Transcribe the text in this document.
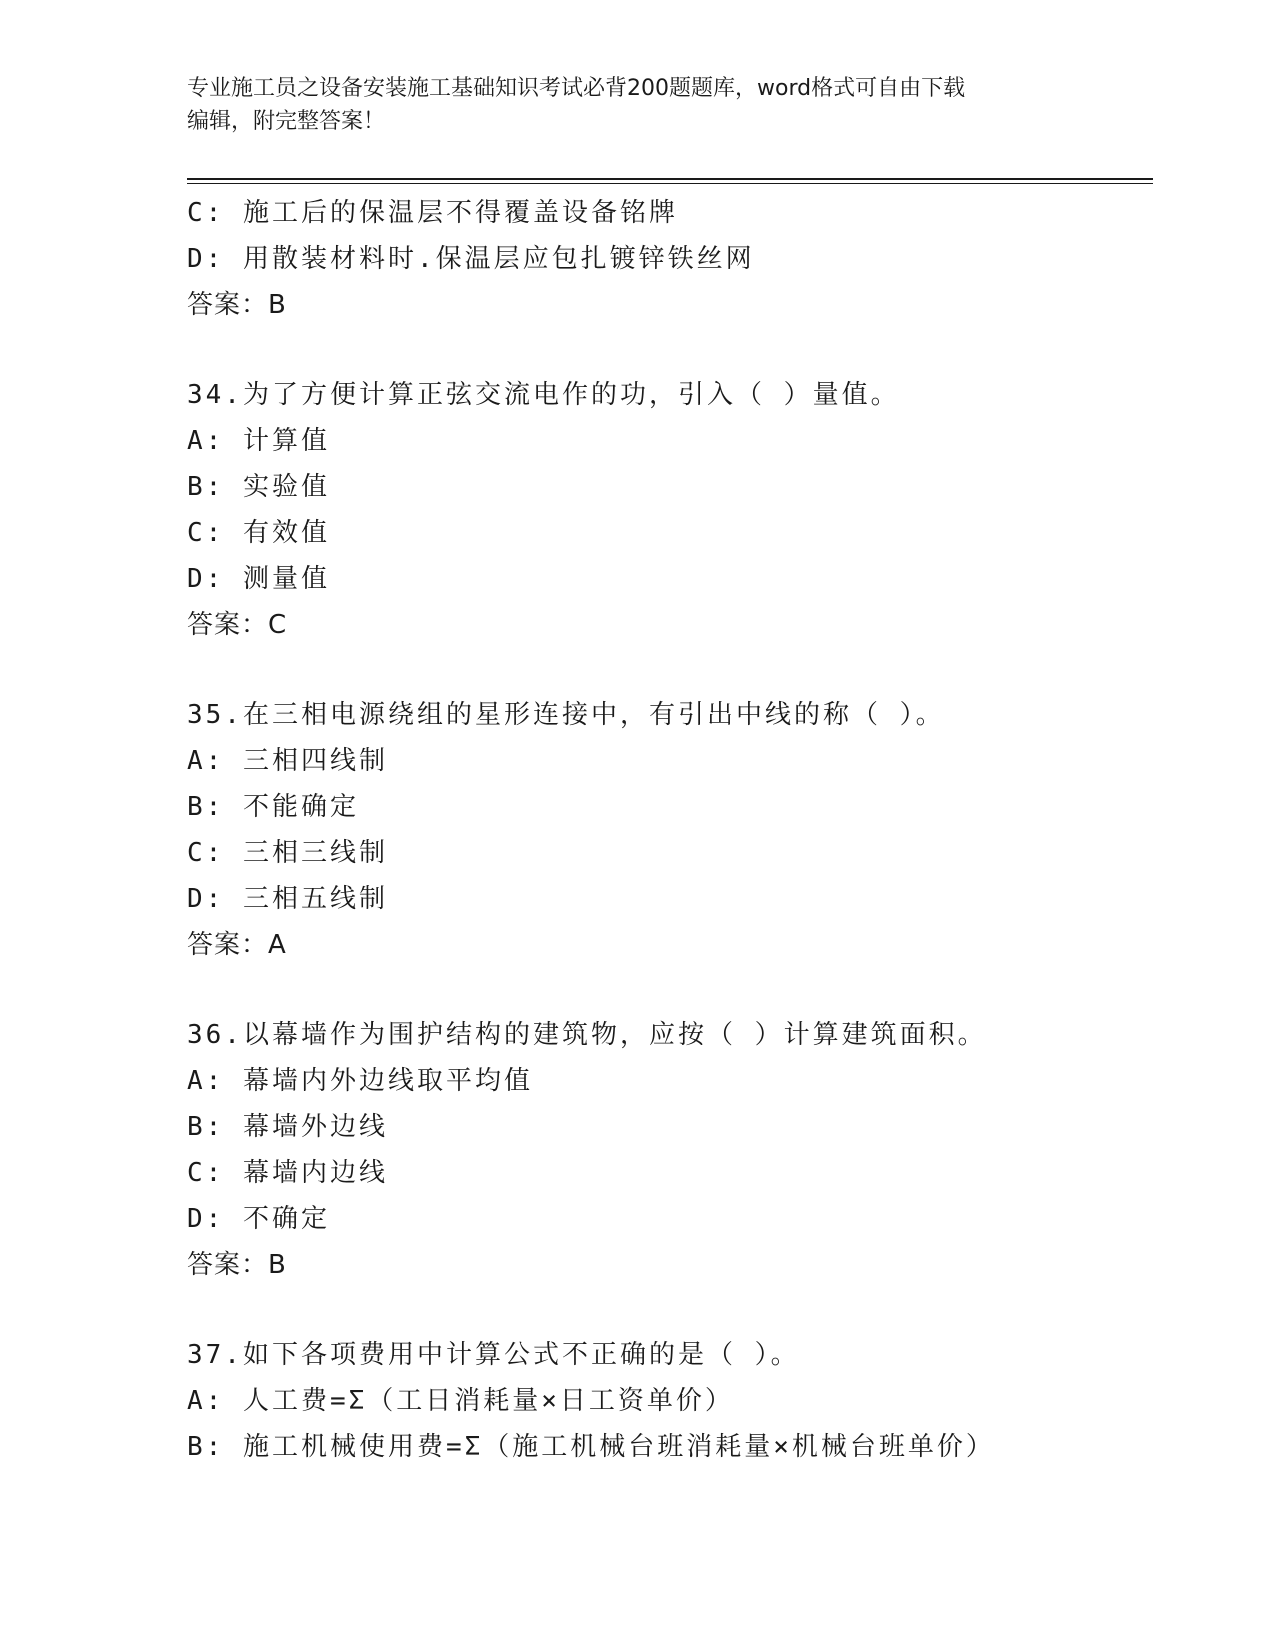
专业施工员之设备安装施工基础知识考试必背200题题库，word格式可自由下载
编辑，附完整答案！
C: 施工后的保温层不得覆盖设备铭牌
D: 用散装材料时.保温层应包扎镀锌铁丝网
答案：B
34.为了方便计算正弦交流电作的功，引入（ ）量值。
A: 计算值
B: 实验值
C: 有效值
D: 测量值
答案：C
35.在三相电源绕组的星形连接中，有引出中线的称（ ）。
A: 三相四线制
B: 不能确定
C: 三相三线制
D: 三相五线制
答案：A
36.以幕墙作为围护结构的建筑物，应按（ ）计算建筑面积。
A: 幕墙内外边线取平均值
B: 幕墙外边线
C: 幕墙内边线
D: 不确定
答案：B
37.如下各项费用中计算公式不正确的是（ ）。
A: 人工费=Σ（工日消耗量×日工资单价）
B: 施工机械使用费=Σ（施工机械台班消耗量×机械台班单价）
